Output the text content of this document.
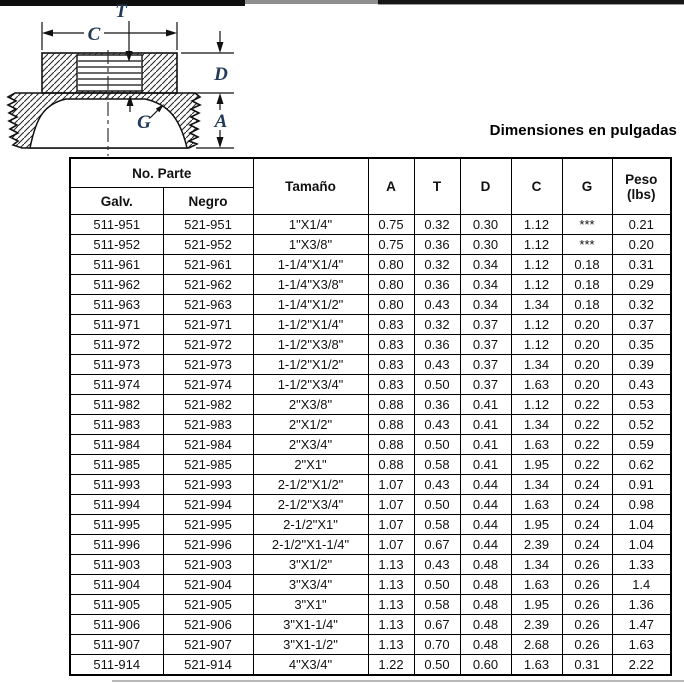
C
T
D
A
G	Dimensiones en pulgadas
No. Parte		Tamaño	A	T	D	C	G	Peso
(lbs)

Galv.	Negro							
511-951	521-951	1"X1/4"	0.75	0.32	0.30	1.12	***	0.21
511-952	521-952	1"X3/8"	0.75	0.36	0.30	1.12	***	0.20
511-961	521-961	1-1/4"X1/4"	0.80	0.32	0.34	1.12	0.18	0.31
511-962	521-962	1-1/4"X3/8"	0.80	0.36	0.34	1.12	0.18	0.29
511-963	521-963	1-1/4"X1/2"	0.80	0.43	0.34	1.34	0.18	0.32
511-971	521-971	1-1/2"X1/4"	0.83	0.32	0.37	1.12	0.20	0.37
511-972	521-972	1-1/2"X3/8"	0.83	0.36	0.37	1.12	0.20	0.35
511-973	521-973	1-1/2"X1/2"	0.83	0.43	0.37	1.34	0.20	0.39
511-974	521-974	1-1/2"X3/4"	0.83	0.50	0.37	1.63	0.20	0.43
511-982	521-982	2"X3/8"	0.88	0.36	0.41	1.12	0.22	0.53
511-983	521-983	2"X1/2"	0.88	0.43	0.41	1.34	0.22	0.52
511-984	521-984	2"X3/4"	0.88	0.50	0.41	1.63	0.22	0.59
511-985	521-985	2"X1"	0.88	0.58	0.41	1.95	0.22	0.62
511-993	521-993	2-1/2"X1/2"	1.07	0.43	0.44	1.34	0.24	0.91
511-994	521-994	2-1/2"X3/4"	1.07	0.50	0.44	1.63	0.24	0.98
511-995	521-995	2-1/2"X1"	1.07	0.58	0.44	1.95	0.24	1.04
511-996	521-996	2-1/2"X1-1/4"	1.07	0.67	0.44	2.39	0.24	1.04
511-903	521-903	3"X1/2"	1.13	0.43	0.48	1.34	0.26	1.33
511-904	521-904	3"X3/4"	1.13	0.50	0.48	1.63	0.26	1.4
511-905	521-905	3"X1"	1.13	0.58	0.48	1.95	0.26	1.36
511-906	521-906	3"X1-1/4"	1.13	0.67	0.48	2.39	0.26	1.47
511-907	521-907	3"X1-1/2"	1.13	0.70	0.48	2.68	0.26	1.63
511-914	521-914	4"X3/4"	1.22	0.50	0.60	1.63	0.31	2.22
